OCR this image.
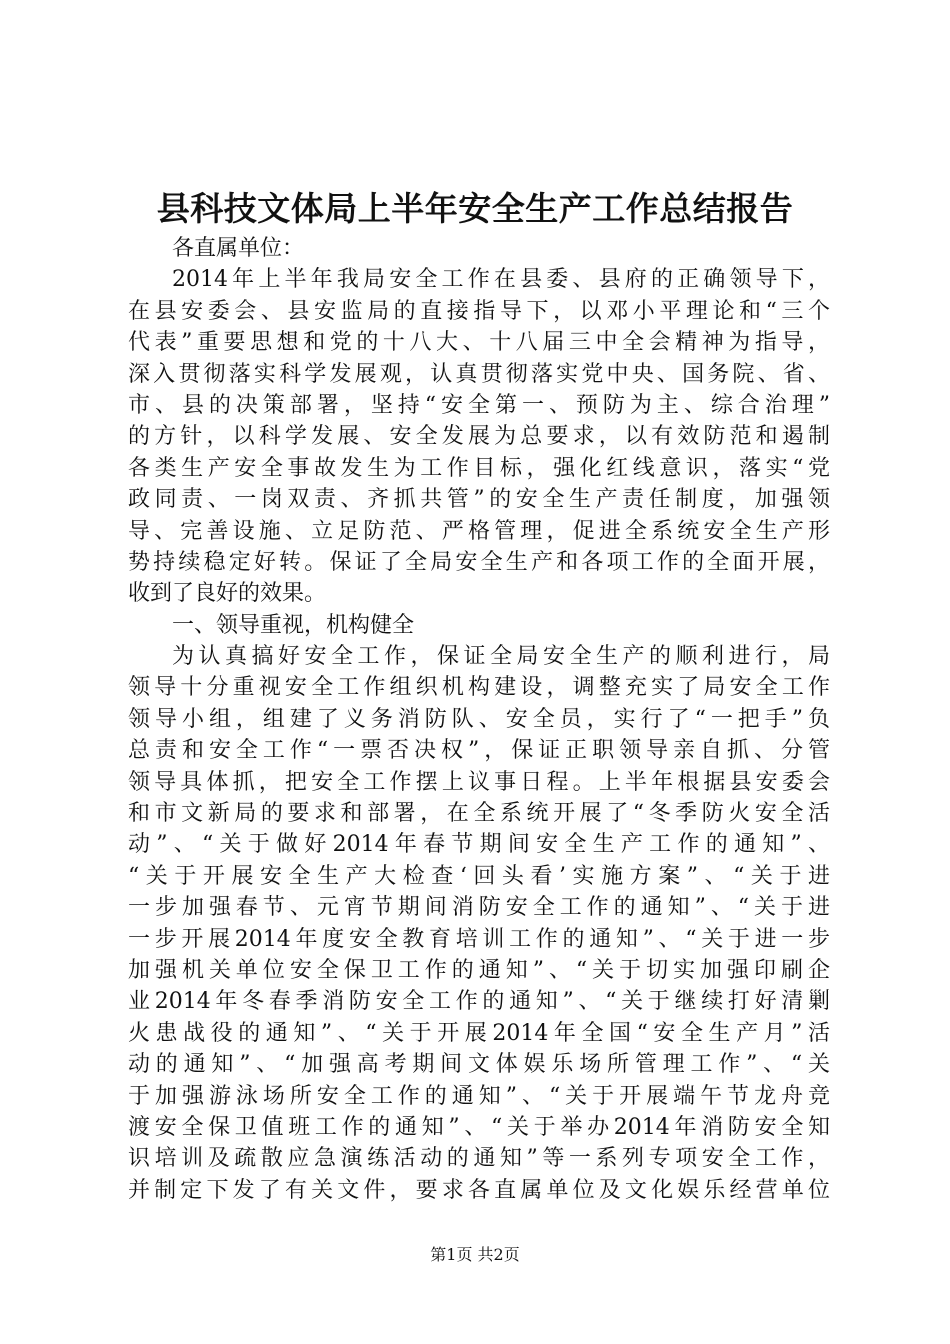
县科技文体局上半年安全生产工作总结报告
各直属单位：
2014年上半年我局安全工作在县委、县府的正确领导下，
在县安委会、县安监局的直接指导下，以邓小平理论和“三个
代表”重要思想和党的十八大、十八届三中全会精神为指导，
深入贯彻落实科学发展观，认真贯彻落实党中央、国务院、省、
市、县的决策部署，坚持“安全第一、预防为主、综合治理”
的方针，以科学发展、安全发展为总要求，以有效防范和遏制
各类生产安全事故发生为工作目标，强化红线意识，落实“党
政同责、一岗双责、齐抓共管”的安全生产责任制度，加强领
导、完善设施、立足防范、严格管理，促进全系统安全生产形
势持续稳定好转。保证了全局安全生产和各项工作的全面开展，
收到了良好的效果。
一、领导重视，机构健全
为认真搞好安全工作，保证全局安全生产的顺利进行，局
领导十分重视安全工作组织机构建设，调整充实了局安全工作
领导小组，组建了义务消防队、安全员，实行了“一把手”负
总责和安全工作“一票否决权”，保证正职领导亲自抓、分管
领导具体抓，把安全工作摆上议事日程。上半年根据县安委会
和市文新局的要求和部署，在全系统开展了“冬季防火安全活
动”、“关于做好2014年春节期间安全生产工作的通知”、
“关于开展安全生产大检查‘回头看’实施方案”、“关于进
一步加强春节、元宵节期间消防安全工作的通知”、“关于进
一步开展2014年度安全教育培训工作的通知”、“关于进一步
加强机关单位安全保卫工作的通知”、“关于切实加强印刷企
业2014年冬春季消防安全工作的通知”、“关于继续打好清剿
火患战役的通知”、“关于开展2014年全国“安全生产月”活
动的通知”、“加强高考期间文体娱乐场所管理工作”、“关
于加强游泳场所安全工作的通知”、“关于开展端午节龙舟竞
渡安全保卫值班工作的通知”、“关于举办2014年消防安全知
识培训及疏散应急演练活动的通知”等一系列专项安全工作，
并制定下发了有关文件，要求各直属单位及文化娱乐经营单位
第1页 共2页
